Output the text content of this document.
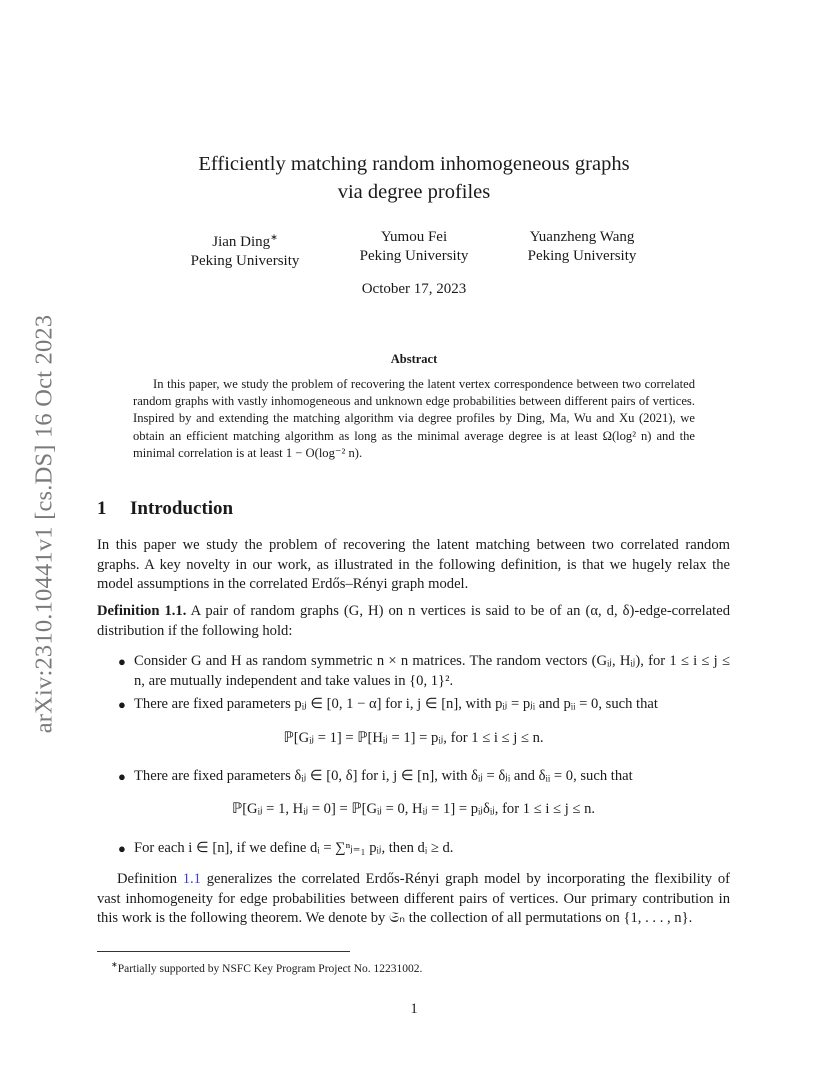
arXiv:2310.10441v1 [cs.DS] 16 Oct 2023
Efficiently matching random inhomogeneous graphs
via degree profiles
Jian Ding∗
Peking University
Yumou Fei
Peking University
Yuanzheng Wang
Peking University
October 17, 2023
Abstract

In this paper, we study the problem of recovering the latent vertex correspondence between two correlated random graphs with vastly inhomogeneous and unknown edge probabilities between different pairs of vertices. Inspired by and extending the matching algorithm via degree profiles by Ding, Ma, Wu and Xu (2021), we obtain an efficient matching algorithm as long as the minimal average degree is at least Ω(log² n) and the minimal correlation is at least 1 − O(log⁻² n).

1 Introduction

In this paper we study the problem of recovering the latent matching between two correlated random graphs. A key novelty in our work, as illustrated in the following definition, is that we hugely relax the model assumptions in the correlated Erdős–Rényi graph model.

Definition 1.1. A pair of random graphs (G, H) on n vertices is said to be of an (α, d, δ)-edge-correlated distribution if the following hold:

● Consider G and H as random symmetric n × n matrices. The random vectors (Gᵢⱼ, Hᵢⱼ), for 1 ≤ i ≤ j ≤ n, are mutually independent and take values in {0, 1}².
● There are fixed parameters pᵢⱼ ∈ [0, 1 − α] for i, j ∈ [n], with pᵢⱼ = pⱼᵢ and pᵢᵢ = 0, such that
● There are fixed parameters δᵢⱼ ∈ [0, δ] for i, j ∈ [n], with δᵢⱼ = δⱼᵢ and δᵢᵢ = 0, such that
● For each i ∈ [n], if we define dᵢ = ∑ⁿⱼ₌₁ pᵢⱼ, then dᵢ ≥ d.
ℙ[Gᵢⱼ = 1] = ℙ[Hᵢⱼ = 1] = pᵢⱼ, for 1 ≤ i ≤ j ≤ n.
ℙ[Gᵢⱼ = 1, Hᵢⱼ = 0] = ℙ[Gᵢⱼ = 0, Hᵢⱼ = 1] = pᵢⱼδᵢⱼ, for 1 ≤ i ≤ j ≤ n.

Definition 1.1 generalizes the correlated Erdős-Rényi graph model by incorporating the flexibility of vast inhomogeneity for edge probabilities between different pairs of vertices. Our primary contribution in this work is the following theorem. We denote by 𝔖ₙ the collection of all permutations on {1, . . . , n}.

∗Partially supported by NSFC Key Program Project No. 12231002.
1
